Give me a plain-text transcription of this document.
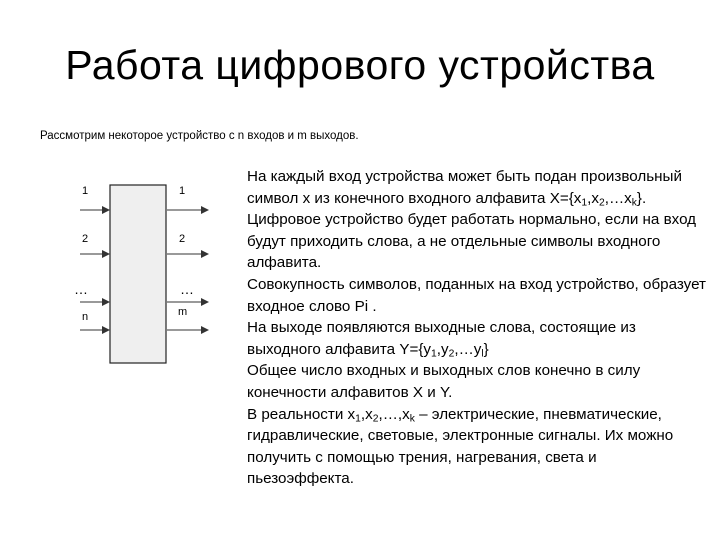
Работа цифрового устройства
Рассмотрим некоторое устройство с n входов и m выходов.
1
2
…
n
1
2
…
m

На каждый вход устройства может быть подан произвольный символ x из конечного входного алфавита $X=\{x_1,x_2,\dots x_k\}$.

Цифровое устройство будет работать нормально, если на вход будут приходить слова, а не отдельные символы входного алфавита.

Совокупность символов, поданных на вход устройство, образует входное слово Pi .

На выходе появляются выходные слова, состоящие из выходного алфавита $Y=\{y_1,y_2,\dots y_l\}$

Общее число входных и выходных слов конечно в силу конечности алфавитов X и Y.

В реальности $x_1,x_2,\dots,x_k$ – электрические, пневматические, гидравлические, световые, электронные сигналы. Их можно получить с помощью трения, нагревания, света и пьезоэффекта.
